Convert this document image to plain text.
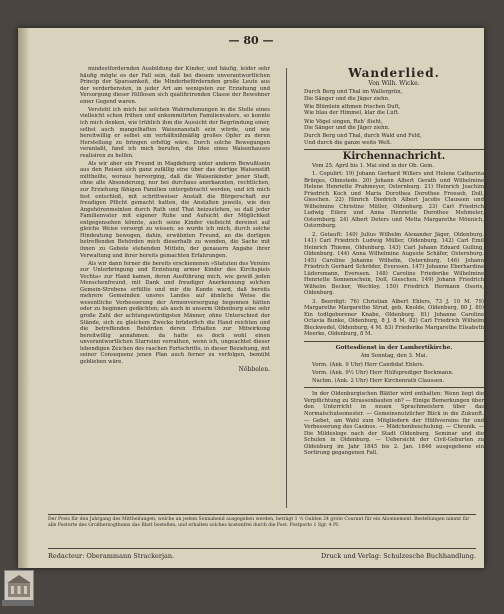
— 80 —

mindestfordernden Ausbildung der Kinder, und häufig, leider sehr häufig mögte es der Fall sein, daß bei diesem unverantwortlichen Princip der Sparsamkeit, die Minderbefördernden große Leute aus der verderbensten, in jeder Art am wenigsten zur Erziehung und Versorgung dieser Hilflosen sich qualificirenden Classe der Bewohner einer Gegend waren.

Versteht ich mich bei solchen Wahrnehmungen in die Stelle eines vielleicht schon frühen und unkommitirten Familienvaters, so konnte ich mich denken, wie trüblich ihm die Aussicht der Begründung einer, selbst auch mangelhaften Waisenanstalt sein würde, und wie bereitwillig er selbst ein verhältnißmäßig großes Opfer zu deren Herstellung zu bringen erbötig wäre. Durch solche Bewegungen veranlaßt, fand ich mich berufen, die Idee eines Waisenhauses realisiren zu helfen.

Als wir aber ein Freund in Magdeburg unter anderm Bewußtsein aus den Reisen sich ganz zufällig eine über das dortige Waisenstift mittheilte, woraus hervorging, daß die Waisenkinder jener Stadt, ohne alle Absonderung, nur bei durchaus anerkannten, rechtlichen, zur Erziehung fähigen Familien untergebracht werden, und ich mich fest entschloß, mit schrittweiser Anstalt die Bürgerschaft zur freudigen Pflicht gemacht hatten, die Anstalten jeweils, wie den Angehörenmeinten durch Rath und That beizustehen, so daß jeder Familienvater mit eigener Ruhe und Aufsicht der Möglichkeit entgegensehen könnte, auch seine Kinder vielleicht dereinst auf gleiche Weise versorgt zu wissen; so wurde ich mich, durch solche Hindeutung bewogen, dahin, erwähnten Freund, an die dortigen betreffenden Behörden mich dieserhalb zu wenden, die Sache mit ihnen zu Gebote stehenden Mitteln, der genauern Angabe ihrer Verwaltung und ihrer bereits gemachten Erfahrungen.

Als wir dann ferner die bereits erschienenen »Statuten des Vereins zur Unterbringung und Erziehung armer Kinder des Kirchspiels Vechta« zur Hand kamen, deren Ausführung mich, wie gewiß jeden Menschenfreund, mit Dank und freudiger Anerkennung solchen Gemein-Strebens erfüllte und mir die Kunde ward, daß bereits mehrere Gemeinden unsres Landes auf ähnliche Weise die wesentliche Verbesserung der Armenversorgung begonnen hätten oder zu beginnen gedächten; als auch in unserm Oldenburg eine sehr große Zahl der achtungswürdigsten Männer, ohne Unterschied der Stände, sich zu gleichem Zwecke brüderlich die Hand reichten und die betreffenden Behörden deren Erhalten zur Mitwirkung bereitwillig annahmen: da hatte es doch wohl einen unverantwortlichen Starrsinn verrathen, wenn ich, ungeachtet dieser lebendigen Zeichen des raschen Fortschritts, in dieser Beziehung, mit seiner Consequenz jenen Plan auch ferner zu verfolgen, bemüht geblieben wäre.

Nöbbelen.

Wanderlied.

Von Wilh. Wicke.

Durch Berg und Thal im Wallergrün,
Die Sänger und die Jäger ziehn.

Wie Blümlein athmen frischen Duft,
Wie blau der Himmel, klar die Luft.

Wie Vögel singen, Reh' flieht,
Die Sänger und die Jäger ziehn.

Durch Berg und Thal, durch Wald und Feld,
Und durch die ganze weite Welt.

Kirchennachricht.

Vom 25. April bis 1. Mai sind in der Ob. Gem.

1. Copulirt: 19) Johann Gerhard Willers und Helene Catharina Brünjes, Ohmstede. 20) Johann Albert Gerath und Wilhelmine Helene Henriette Prahmeyer, Osternburg. 21) Heinrich Joachim Friedrich Koch und Maria Dorothea Dorothee Freeseb, Doll, Gieschen. 22) Hinrich Diedrich Albert Jacobs Claussen und Wilhelmine Christine Müller, Oldenburg. 23) Carl Friedrich Ludwig Eilerz und Anna Henriette Dorothee Mehmeler, Osternburg. 24) Albert Deters und Metta Margarethe Mönnich, Osternburg.

2. Getauft: 140) Julius Wilhelm Alexander Jäger, Oldenburg. 141) Carl Friedrich Ludwig Müller, Oldenburg. 142) Carl Emil Heinrich Thieme, Oldenburg. 143) Carl Johann Eduard Gulling, Oldenburg. 144) Anna Wilhelmine Auguste Schäfer, Osternburg. 145) Caroline Johanne Wilhelm, Osternburg. 146) Johann Friedrich Gerhard Schröder, Everssen. 147) Johanne Eberhardine Lüdersmann, Everssen. 148) Caroline Friederike Wilhelmine Henriette Sonnenschein, Doll, Gieschen. 149) Johann Friedrich Wilhelm Becker, Wechloy. 150) Friedrich Hermann Oseris, Oldenburg.

3. Beerdigt: 76) Christian Albert Ehlers, 73 J. 10 M. 79) Margarethe Margarethe Strud, geb. Knolde, Oldenburg, 80 J. 80) Ein todtgeborener Knabe, Oldenburg. 81) Johanne Caroline Octavia Bunke, Oldenburg, 8 J. 8 M. 82) Carl Friedrich Wilhelm Bleckwedel, Oldenburg, 4 M. 83) Friederike Margarethe Elisabeth Meerke, Oldenburg, 8 M.

Gottesdienst in der Lambertikirche.

Am Sonntag, den 3. Mai.

Vorm. (Ank. 9 Uhr) Herr Candidat Ehlers.

Vorm. (Ank. 9½ Uhr) Herr Hülfsprediger Bockmann.

Nachm. (Ank. 2 Uhr) Herr Kirchenrath Claussen.

In der Oldenburgischen Blätter wird enthalten: Wenn liegt die Verpflichtung zu Strassenbauten ob? — Einige Bemerkungen über den Unterricht in neuen Sprachmeistern über das Normalschulsemester. — Gemeinsnutzlicher Blick in die Zukunft. — Gebet, am Wahl zum Mitgliedern der Hülfsvereins für und Verbesserung des Casinos. — Mädchenbeschulung. — Chronik. — Die Mildesloge nach der Stadt Oldenburg, Seminar und die Schulen in Oldenburg. — Uebersicht der Civil-Geburten zu Oldenburg im Jahr 1845 bis 2. Jan. 1846 ausgegebene ein Sortirung gegangenen Fall.

Der Preis für den Jahrgang des Mittheilungen, welche an jedem Sonnabend ausgegeben werden, beträgt 1 ½ Gulden 24 grote Courant für ein Abonnement. Bestellungen nimmt für alle Postorte des Großherzogthums das Blatt bestellen, und erhalten solches kostenfrei durch die Post. Postporto 1 Sgr. 4 Pf.
Redacteur: Oberammann Strackerjan.	Druck und Verlag: Schulzesche Buchhandlung.
